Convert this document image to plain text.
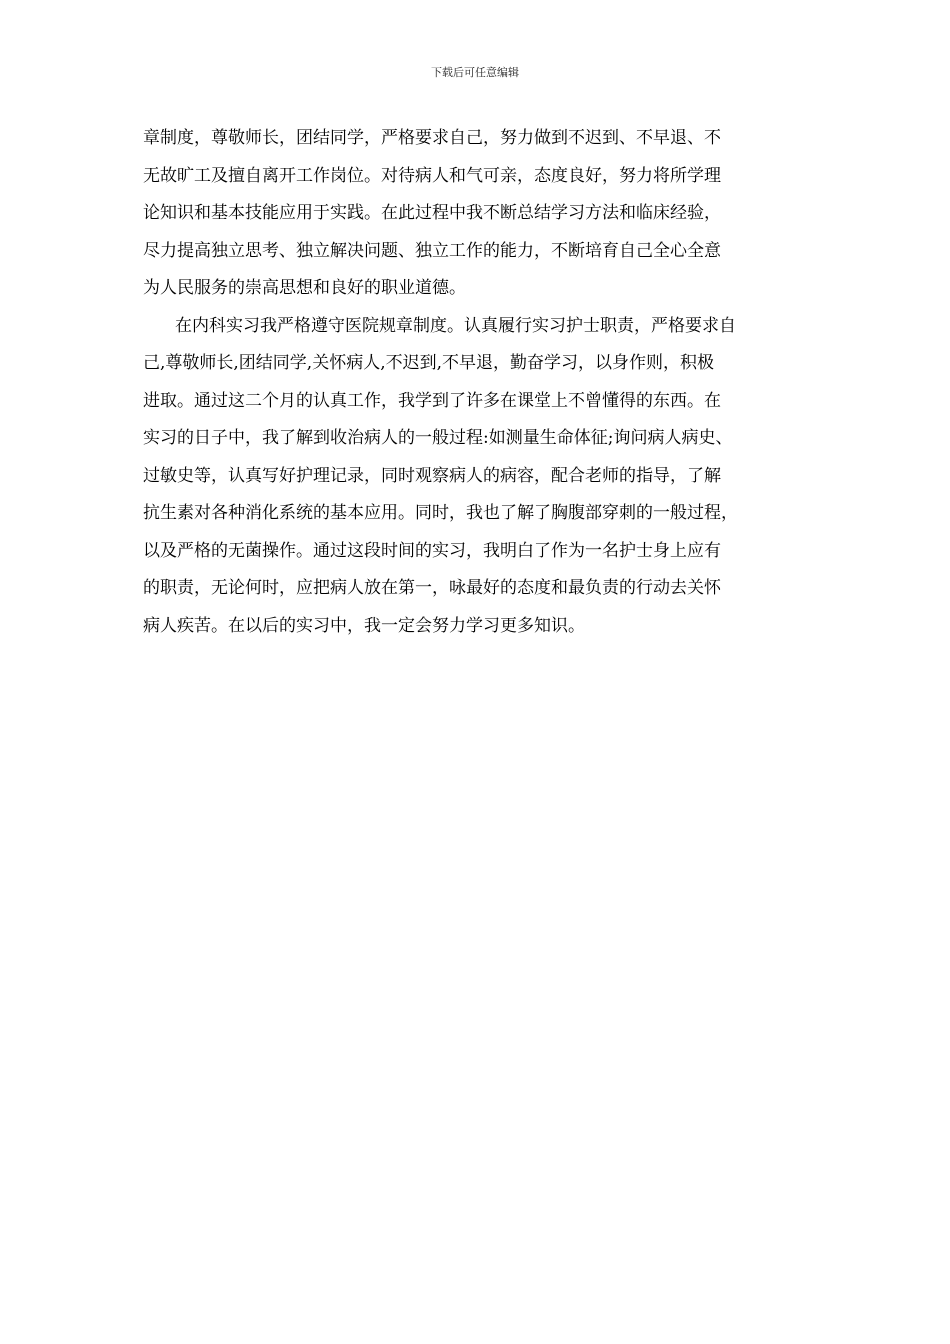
下载后可任意编辑
章制度，尊敬师长，团结同学，严格要求自己，努力做到不迟到、不早退、不
无故旷工及擅自离开工作岗位。对待病人和气可亲，态度良好，努力将所学理
论知识和基本技能应用于实践。在此过程中我不断总结学习方法和临床经验，
尽力提高独立思考、独立解决问题、独立工作的能力，不断培育自己全心全意
为人民服务的崇高思想和良好的职业道德。
在内科实习我严格遵守医院规章制度。认真履行实习护士职责，严格要求自
己,尊敬师长,团结同学,关怀病人,不迟到,不早退，勤奋学习，以身作则，积极
进取。通过这二个月的认真工作，我学到了许多在课堂上不曾懂得的东西。在
实习的日子中，我了解到收治病人的一般过程:如测量生命体征;询问病人病史、
过敏史等，认真写好护理记录，同时观察病人的病容，配合老师的指导，了解
抗生素对各种消化系统的基本应用。同时，我也了解了胸腹部穿刺的一般过程，
以及严格的无菌操作。通过这段时间的实习，我明白了作为一名护士身上应有
的职责，无论何时，应把病人放在第一，咏最好的态度和最负责的行动去关怀
病人疾苦。在以后的实习中，我一定会努力学习更多知识。
